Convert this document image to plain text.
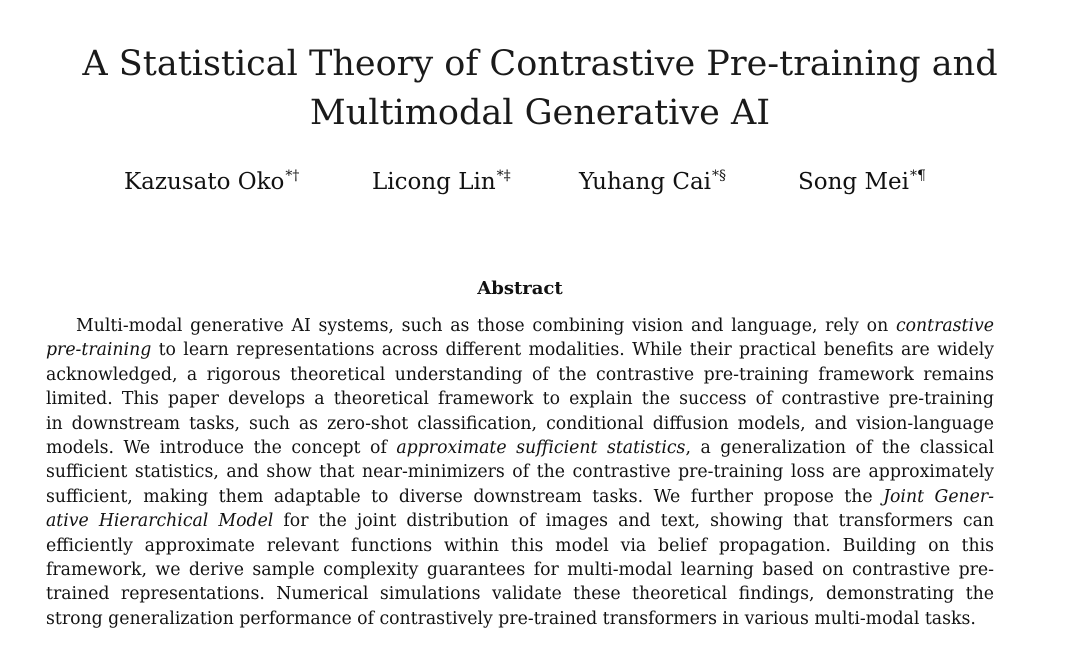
A Statistical Theory of Contrastive Pre-training and
Multimodal Generative AI
Kazusato Oko*†	Licong Lin*‡	Yuhang Cai*§	Song Mei*¶
Abstract
Multi-modal generative AI systems, such as those combining vision and language, rely on contrastive
pre-training to learn representations across different modalities. While their practical benefits are widely
acknowledged, a rigorous theoretical understanding of the contrastive pre-training framework remains
limited. This paper develops a theoretical framework to explain the success of contrastive pre-training
in downstream tasks, such as zero-shot classification, conditional diffusion models, and vision-language
models. We introduce the concept of approximate sufficient statistics, a generalization of the classical
sufficient statistics, and show that near-minimizers of the contrastive pre-training loss are approximately
sufficient, making them adaptable to diverse downstream tasks. We further propose the Joint Gener-
ative Hierarchical Model for the joint distribution of images and text, showing that transformers can
efficiently approximate relevant functions within this model via belief propagation. Building on this
framework, we derive sample complexity guarantees for multi-modal learning based on contrastive pre-
trained representations. Numerical simulations validate these theoretical findings, demonstrating the
strong generalization performance of contrastively pre-trained transformers in various multi-modal tasks.
